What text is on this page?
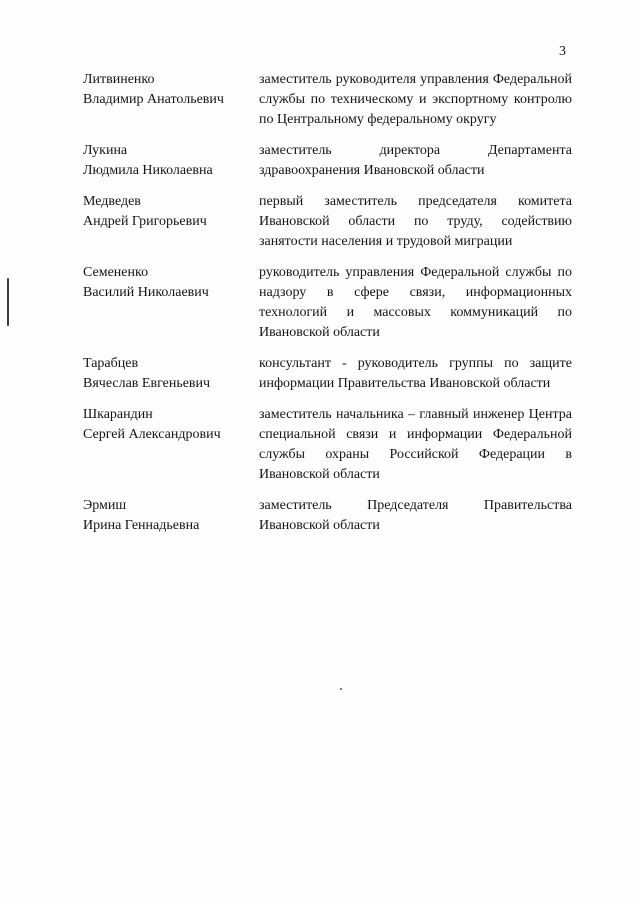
3
Литвиненко
Владимир Анатольевич
заместитель руководителя управления Федеральной службы по техническому и экспортному контролю по Центральному федеральному округу
Лукина
Людмила Николаевна
заместитель директора Департамента здравоохранения Ивановской области
Медведев
Андрей Григорьевич
первый заместитель председателя комитета Ивановской области по труду, содействию занятости населения и трудовой миграции
Семененко
Василий Николаевич
руководитель управления Федеральной службы по надзору в сфере связи, информационных технологий и массовых коммуникаций по Ивановской области
Тарабцев
Вячеслав Евгеньевич
консультант - руководитель группы по защите информации Правительства Ивановской области
Шкарандин
Сергей Александрович
заместитель начальника – главный инженер Центра специальной связи и информации Федеральной службы охраны Российской Федерации в Ивановской области
Эрмиш
Ирина Геннадьевна
заместитель Председателя Правительства Ивановской области
